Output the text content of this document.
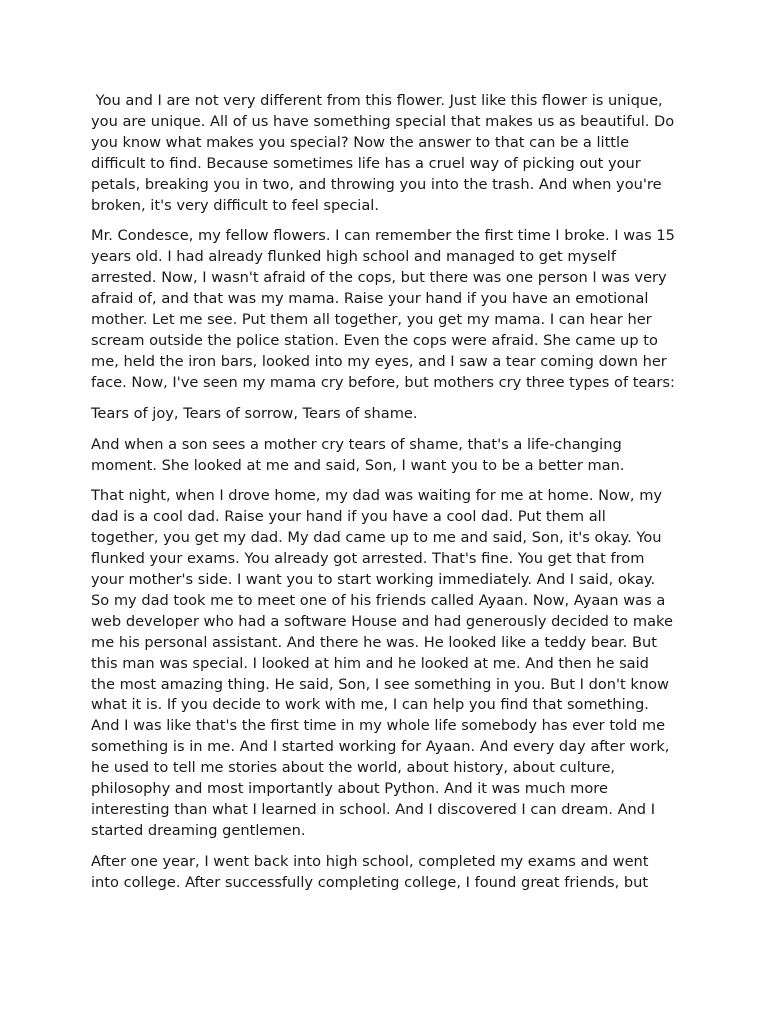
You and I are not very different from this flower. Just like this flower is unique, you are unique. All of us have something special that makes us as beautiful. Do you know what makes you special? Now the answer to that can be a little difficult to find. Because sometimes life has a cruel way of picking out your petals, breaking you in two, and throwing you into the trash. And when you're broken, it's very difficult to feel special.

Mr. Condesce, my fellow flowers. I can remember the first time I broke. I was 15 years old. I had already flunked high school and managed to get myself arrested. Now, I wasn't afraid of the cops, but there was one person I was very afraid of, and that was my mama. Raise your hand if you have an emotional mother. Let me see. Put them all together, you get my mama. I can hear her scream outside the police station. Even the cops were afraid. She came up to me, held the iron bars, looked into my eyes, and I saw a tear coming down her face. Now, I've seen my mama cry before, but mothers cry three types of tears:

Tears of joy, Tears of sorrow, Tears of shame.

And when a son sees a mother cry tears of shame, that's a life-changing moment. She looked at me and said, Son, I want you to be a better man.

That night, when I drove home, my dad was waiting for me at home. Now, my dad is a cool dad. Raise your hand if you have a cool dad. Put them all together, you get my dad. My dad came up to me and said, Son, it's okay. You flunked your exams. You already got arrested. That's fine. You get that from your mother's side. I want you to start working immediately. And I said, okay. So my dad took me to meet one of his friends called Ayaan. Now, Ayaan was a web developer who had a software House and had generously decided to make me his personal assistant. And there he was. He looked like a teddy bear. But this man was special. I looked at him and he looked at me. And then he said the most amazing thing. He said, Son, I see something in you. But I don't know what it is. If you decide to work with me, I can help you find that something. And I was like that's the first time in my whole life somebody has ever told me something is in me. And I started working for Ayaan. And every day after work, he used to tell me stories about the world, about history, about culture, philosophy and most importantly about Python. And it was much more interesting than what I learned in school. And I discovered I can dream. And I started dreaming gentlemen.

After one year, I went back into high school, completed my exams and went into college. After successfully completing college, I found great friends, but
